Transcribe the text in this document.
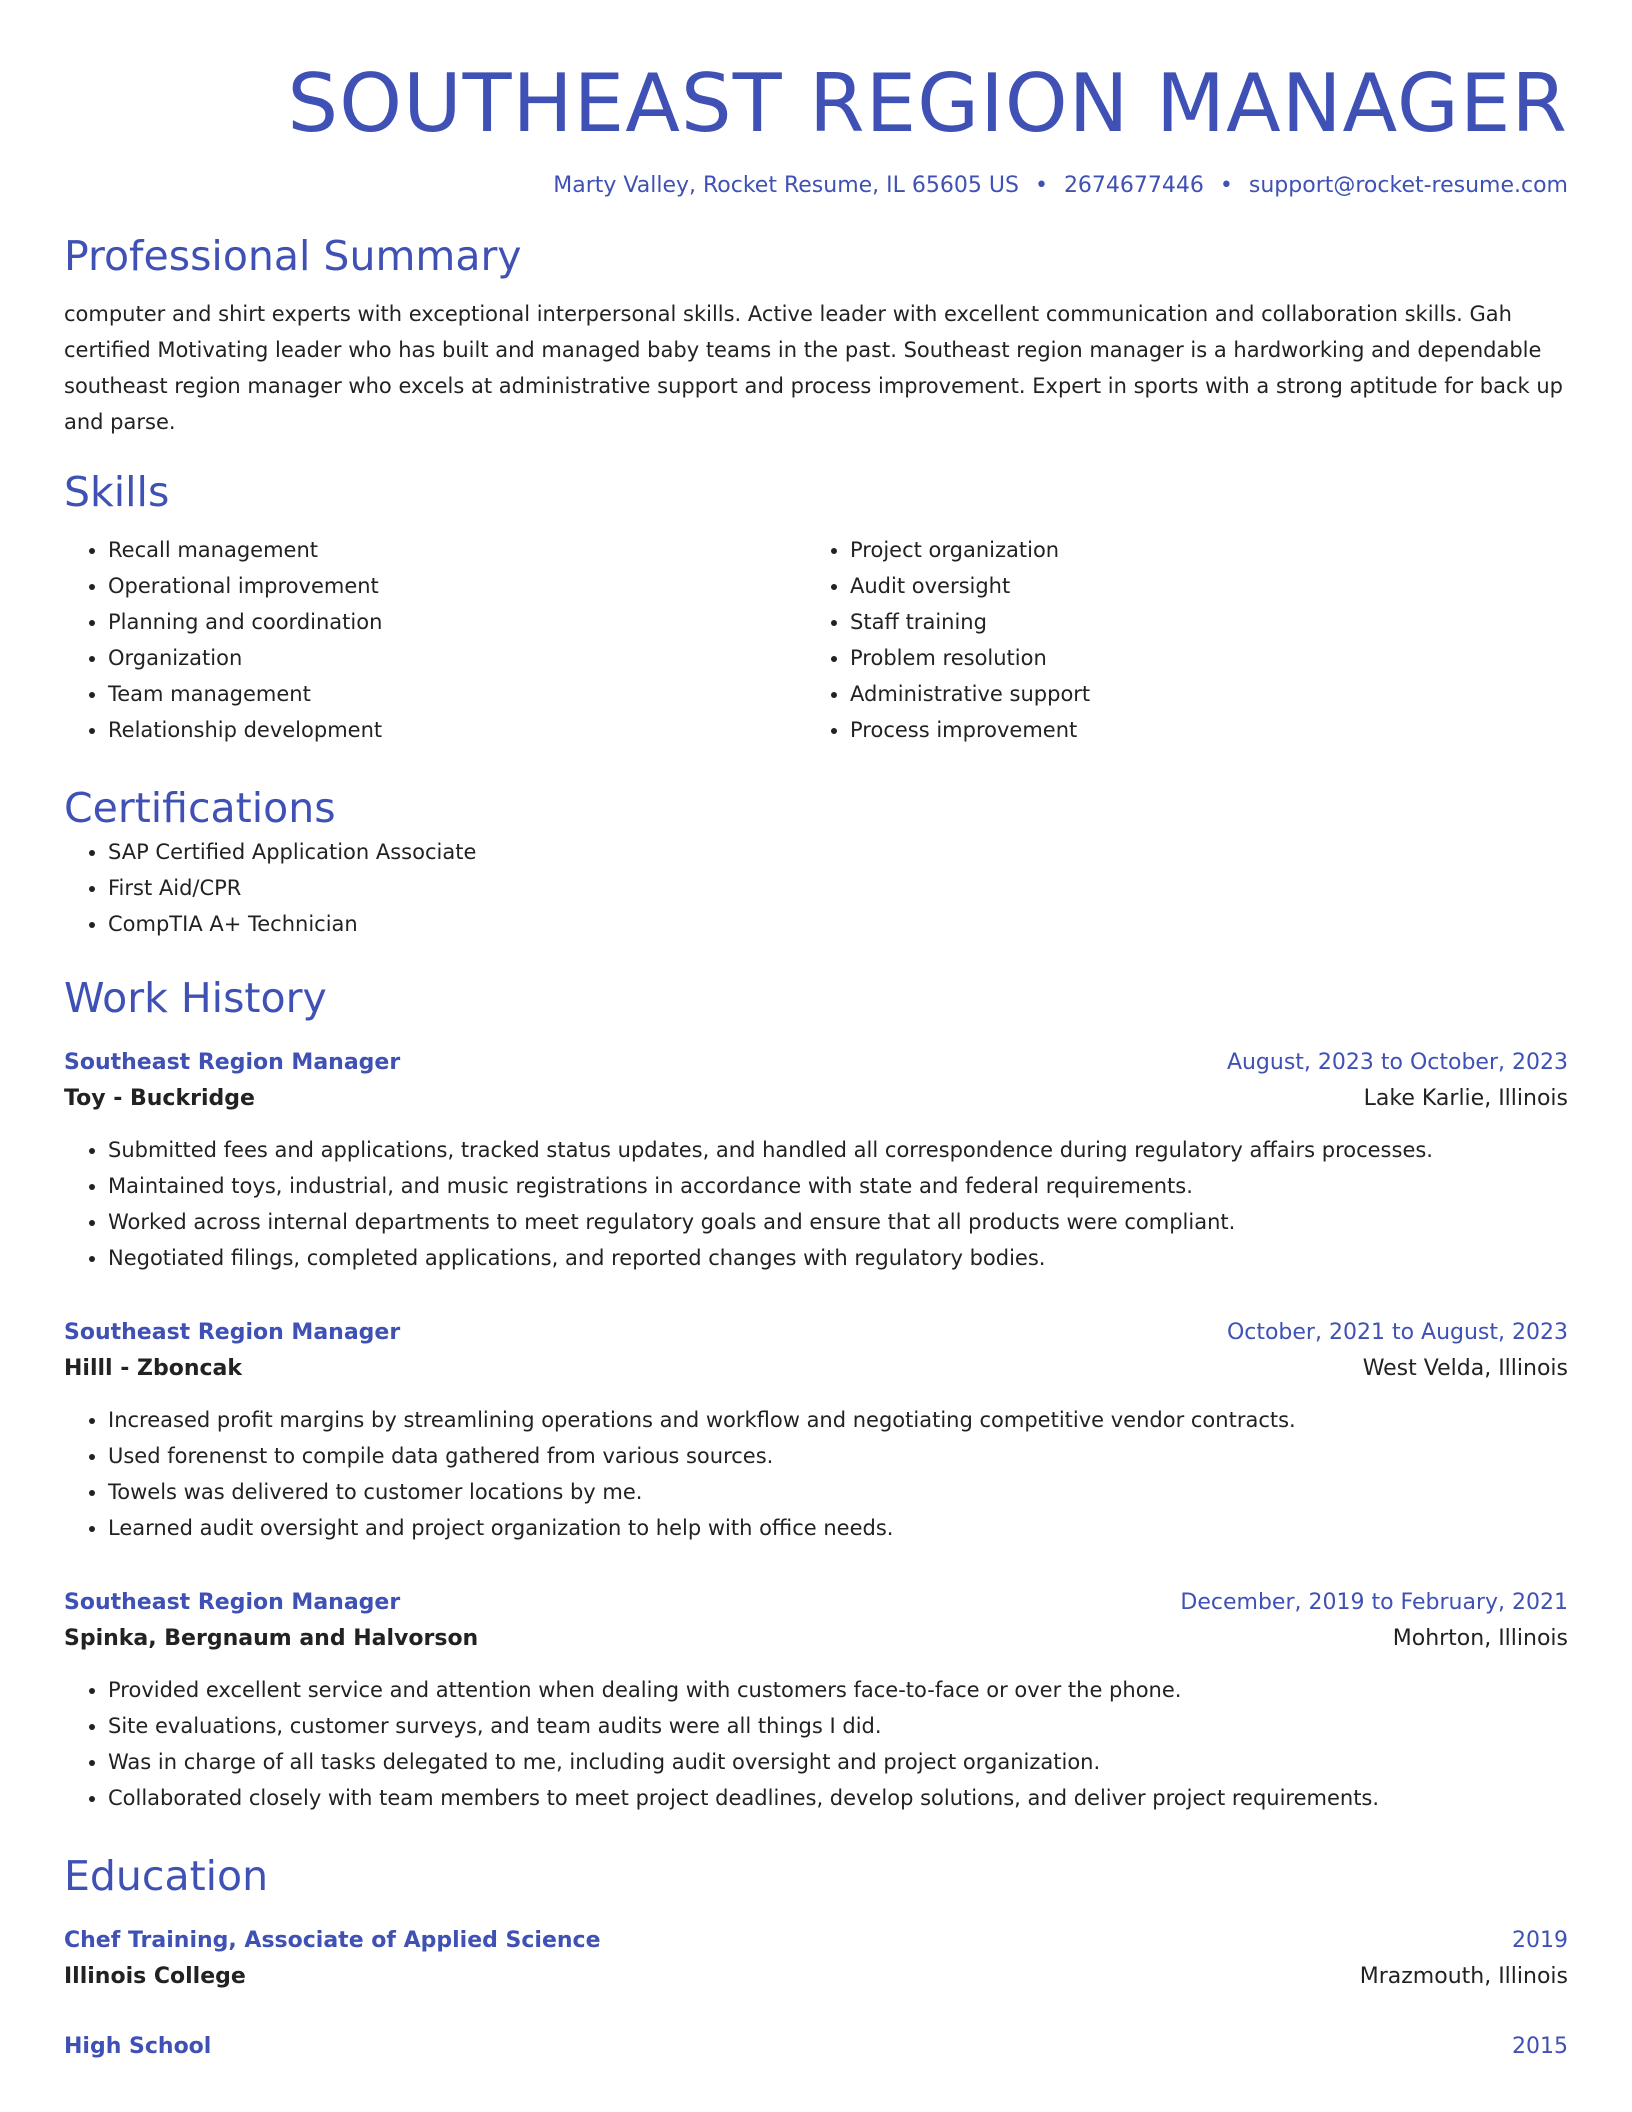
SOUTHEAST REGION MANAGER
Marty Valley, Rocket Resume, IL 65605 US • 2674677446 • support@rocket-resume.com
Professional Summary

computer and shirt experts with exceptional interpersonal skills. Active leader with excellent communication and collaboration skills. Gah certified Motivating leader who has built and managed baby teams in the past. Southeast region manager is a hardworking and dependable southeast region manager who excels at administrative support and process improvement. Expert in sports with a strong aptitude for back up and parse.

Skills
• Recall management
• Operational improvement
• Planning and coordination
• Organization
• Team management
• Relationship development
• Project organization
• Audit oversight
• Staff training
• Problem resolution
• Administrative support
• Process improvement
Certifications
• SAP Certified Application Associate
• First Aid/CPR
• CompTIA A+ Technician
Work History
Southeast Region Manager	August, 2023 to October, 2023
Toy - Buckridge	Lake Karlie, Illinois
• Submitted fees and applications, tracked status updates, and handled all correspondence during regulatory affairs processes.
• Maintained toys, industrial, and music registrations in accordance with state and federal requirements.
• Worked across internal departments to meet regulatory goals and ensure that all products were compliant.
• Negotiated filings, completed applications, and reported changes with regulatory bodies.
Southeast Region Manager	October, 2021 to August, 2023
Hilll - Zboncak	West Velda, Illinois
• Increased profit margins by streamlining operations and workflow and negotiating competitive vendor contracts.
• Used forenenst to compile data gathered from various sources.
• Towels was delivered to customer locations by me.
• Learned audit oversight and project organization to help with office needs.
Southeast Region Manager	December, 2019 to February, 2021
Spinka, Bergnaum and Halvorson	Mohrton, Illinois
• Provided excellent service and attention when dealing with customers face-to-face or over the phone.
• Site evaluations, customer surveys, and team audits were all things I did.
• Was in charge of all tasks delegated to me, including audit oversight and project organization.
• Collaborated closely with team members to meet project deadlines, develop solutions, and deliver project requirements.
Education
Chef Training, Associate of Applied Science	2019
Illinois College	Mrazmouth, Illinois
High School	2015
